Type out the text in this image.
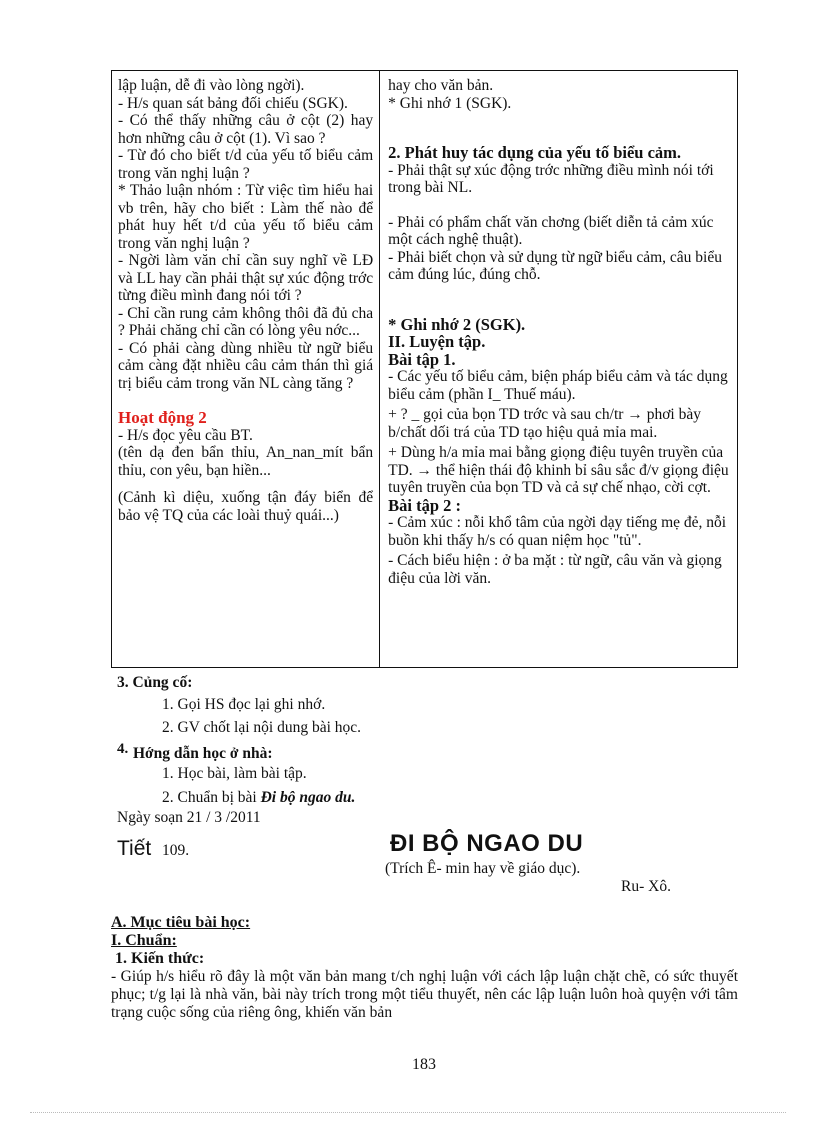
lập luận, dễ đi vào lòng ngời).
- H/s quan sát bảng đối chiếu (SGK).
- Có thể thấy những câu ở cột (2) hay hơn những câu ở cột (1). Vì sao ?
- Từ đó cho biết t/d của yếu tố biểu cảm trong văn nghị luận ?
* Thảo luận nhóm : Từ việc tìm hiểu hai vb trên, hãy cho biết : Làm thế nào để phát huy hết t/d của yếu tố biểu cảm trong văn nghị luận ?
- Ngời làm văn chỉ cần suy nghĩ về LĐ và LL hay cần phải thật sự xúc động trớc từng điều mình đang nói tới ?
- Chỉ cần rung cảm không thôi đã đủ cha ? Phải chăng chỉ cần có lòng yêu nớc...
- Có phải càng dùng nhiều từ ngữ biểu cảm càng đặt nhiều câu cảm thán thì giá trị biểu cảm trong văn NL càng tăng ?
Hoạt động 2
- H/s đọc yêu cầu BT.
(tên dạ đen bẩn thỉu, An_nan_mít bẩn thỉu, con yêu, bạn hiền...
(Cảnh kì diệu, xuống tận đáy biển để bảo vệ TQ của các loài thuỷ quái...)
hay cho văn bản.
* Ghi nhớ 1 (SGK).
2. Phát huy tác dụng của yếu tố biểu cảm.
- Phải thật sự xúc động trớc những điều mình nói tới trong bài NL.
- Phải có phẩm chất văn chơng (biết diễn tả cảm xúc một cách nghệ thuật).
- Phải biết chọn và sử dụng từ ngữ biểu cảm, câu biểu cảm đúng lúc, đúng chỗ.
* Ghi nhớ 2 (SGK).
II. Luyện tập.
Bài tập 1.
- Các yếu tố biểu cảm, biện pháp biểu cảm và tác dụng biểu cảm (phần I_ Thuế máu).
+ ? _ gọi của bọn TD trớc và sau ch/tr → phơi bày b/chất dối trá của TD tạo hiệu quả mỉa mai.
+ Dùng h/a mỉa mai bằng giọng điệu tuyên truyền của TD. → thể hiện thái độ khinh bỉ sâu sắc đ/v giọng điệu tuyên truyền của bọn TD và cả sự chế nhạo, cời cợt.
Bài tập 2 :
- Cảm xúc : nỗi khổ tâm của ngời dạy tiếng mẹ đẻ, nỗi buồn khi thấy h/s có quan niệm học "tủ".
- Cách biểu hiện : ở ba mặt : từ ngữ, câu văn và giọng điệu của lời văn.
3. Củng cố:
1. Gọi HS đọc lại ghi nhớ.
2. GV chốt lại nội dung bài học.
4. Hớng dẫn học ở nhà:
1. Học bài, làm bài tập.
2. Chuẩn bị bài Đi bộ ngao du.
Ngày soạn 21 / 3 /2011
Tiết 109.	ĐI BỘ NGAO DU
(Trích Ê- min hay về giáo dục).
Ru- Xô.
A. Mục tiêu bài học:
I. Chuẩn:
1. Kiến thức:
- Giúp h/s hiểu rõ đây là một văn bản mang t/ch nghị luận với cách lập luận chặt chẽ, có sức thuyết phục; t/g lại là nhà văn, bài này trích trong một tiểu thuyết, nên các lập luận luôn hoà quyện với tâm trạng cuộc sống của riêng ông, khiến văn bản
183
